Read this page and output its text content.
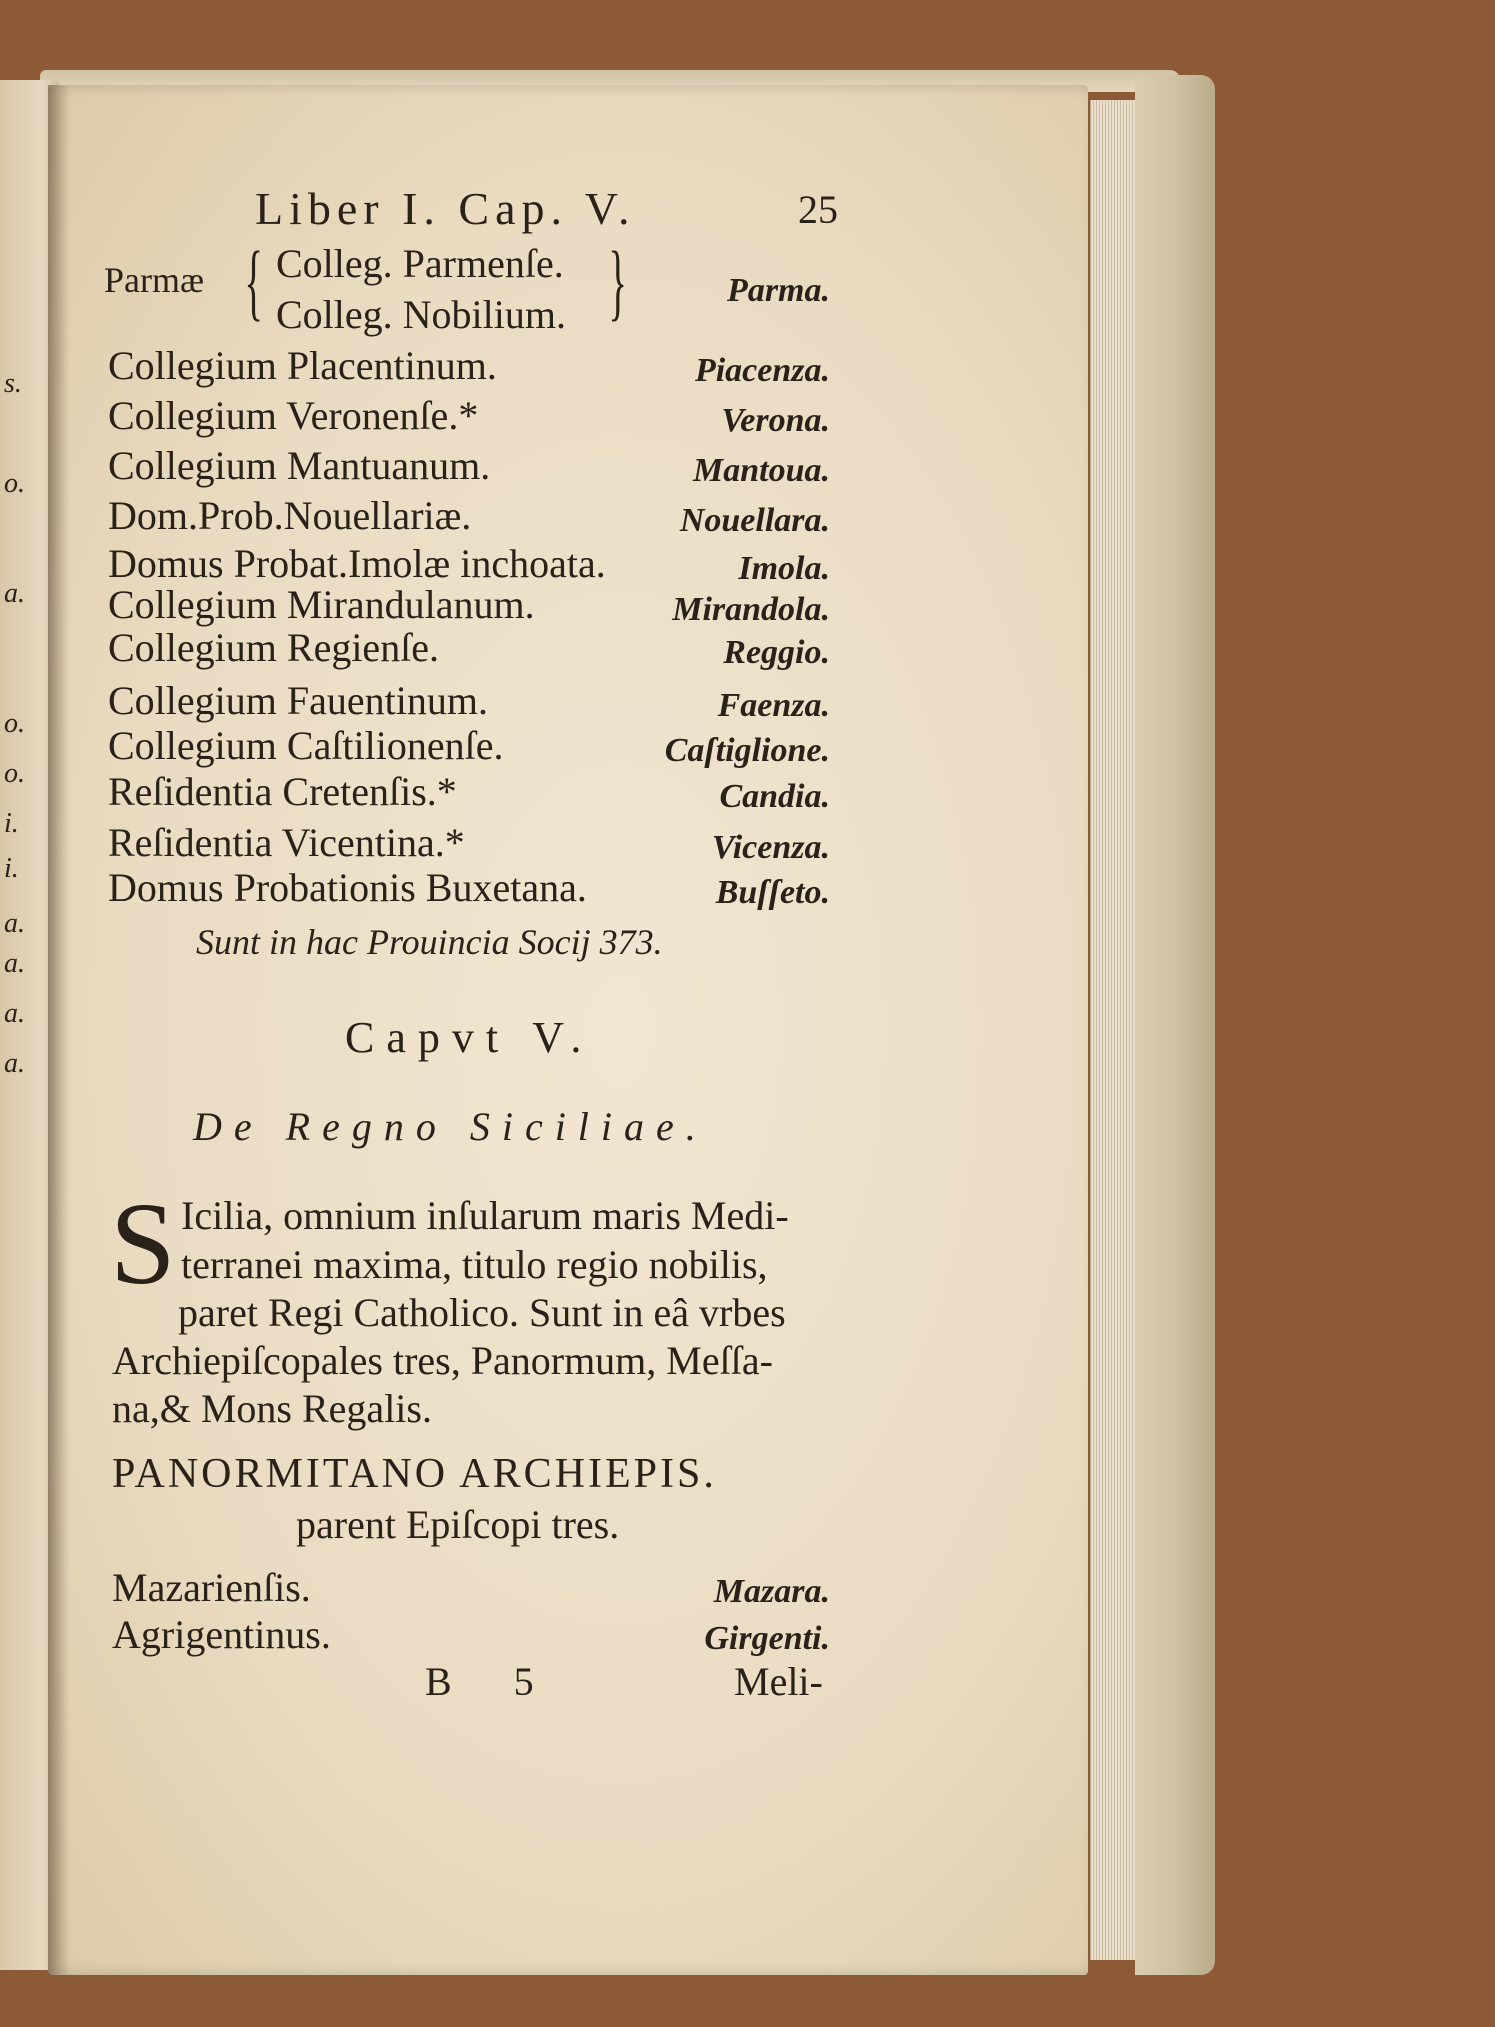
s.
o.
a.
o.
o.
i.
i.
a.
a.
a.
a.
Liber I. Cap. V.	25
Parmæ { Colleg. Parmenſe.
Colleg. Nobilium. }	Parma.
Collegium Placentinum.	Piacenza.
Collegium Veronenſe.*	Verona.
Collegium Mantuanum.	Mantoua.
Dom.Prob.Nouellariæ.	Nouellara.
Domus Probat.Imolæ inchoata.	Imola.
Collegium Mirandulanum.	Mirandola.
Collegium Regienſe.	Reggio.
Collegium Fauentinum.	Faenza.
Collegium Caſtilionenſe.	Caſtiglione.
Reſidentia Cretenſis.*	Candia.
Reſidentia Vicentina.*	Vicenza.
Domus Probationis Buxetana.	Buſſeto.
Sunt in hac Prouincia Socij 373.
Capvt V.
De Regno Siciliae.
S Icilia, omnium inſularum maris Medi-
terranei maxima, titulo regio nobilis,
paret Regi Catholico. Sunt in eâ vrbes
Archiepiſcopales tres, Panormum, Meſſa-
na,& Mons Regalis.
PANORMITANO ARCHIEPIS.
parent Epiſcopi tres.
Mazarienſis.	Mazara.
Agrigentinus.	Girgenti.
B 5	Meli-
